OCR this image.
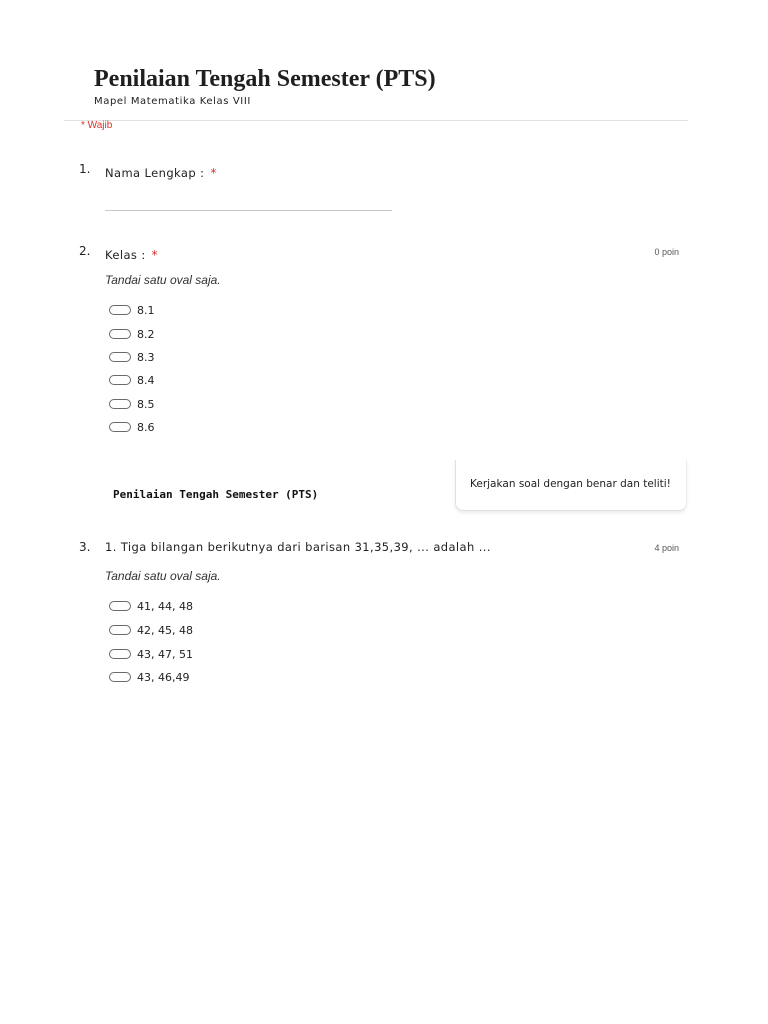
Penilaian Tengah Semester (PTS)
Mapel Matematika Kelas VIII
* Wajib
1. Nama Lengkap : *
2. Kelas : *	0 poin
Tandai satu oval saja.
8.1
8.2
8.3
8.4
8.5
8.6
Penilaian Tengah Semester (PTS)
Kerjakan soal dengan benar dan teliti!
3. 1. Tiga bilangan berikutnya dari barisan 31,35,39, ... adalah ...	4 poin
Tandai satu oval saja.
41, 44, 48
42, 45, 48
43, 47, 51
43, 46,49
